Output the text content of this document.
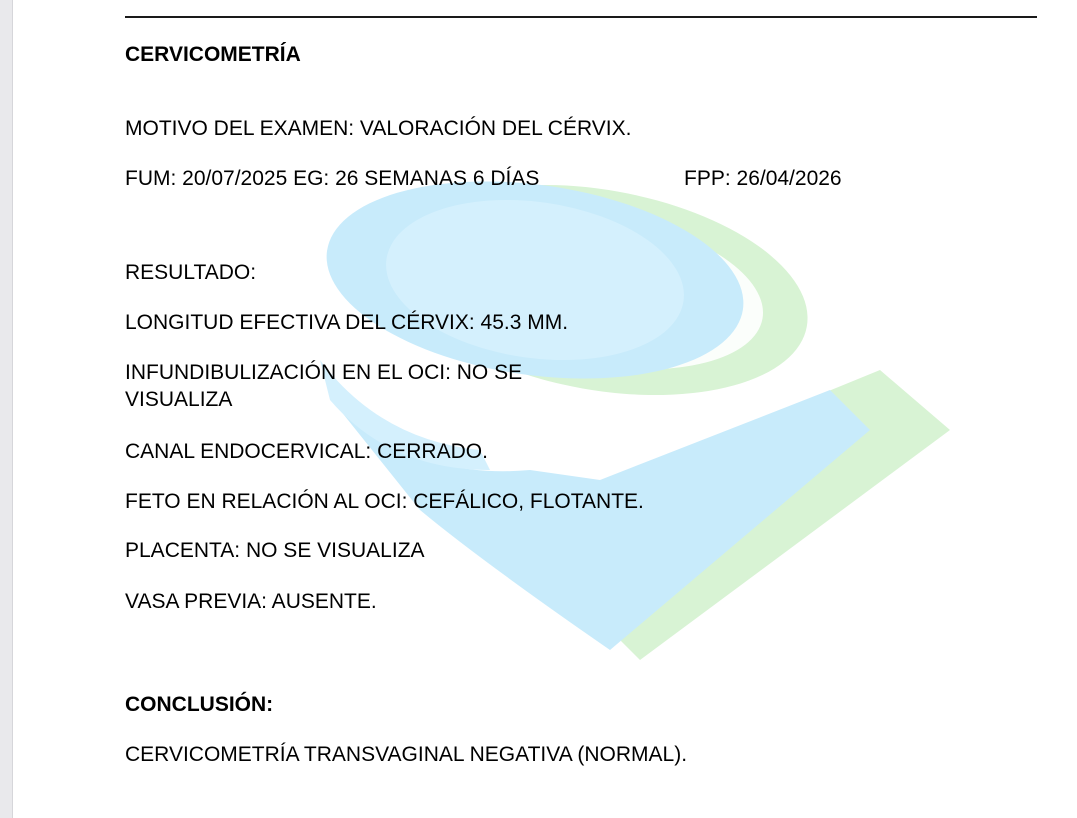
CERVICOMETRÍA
MOTIVO DEL EXAMEN: VALORACIÓN DEL CÉRVIX.
FUM: 20/07/2025 EG: 26 SEMANAS 6 DÍAS	FPP: 26/04/2026
RESULTADO:
LONGITUD EFECTIVA DEL CÉRVIX: 45.3 MM.
INFUNDIBULIZACIÓN EN EL OCI: NO SE VISUALIZA
CANAL ENDOCERVICAL: CERRADO.
FETO EN RELACIÓN AL OCI: CEFÁLICO, FLOTANTE.
PLACENTA: NO SE VISUALIZA
VASA PREVIA: AUSENTE.
CONCLUSIÓN:
CERVICOMETRÍA TRANSVAGINAL NEGATIVA (NORMAL).
